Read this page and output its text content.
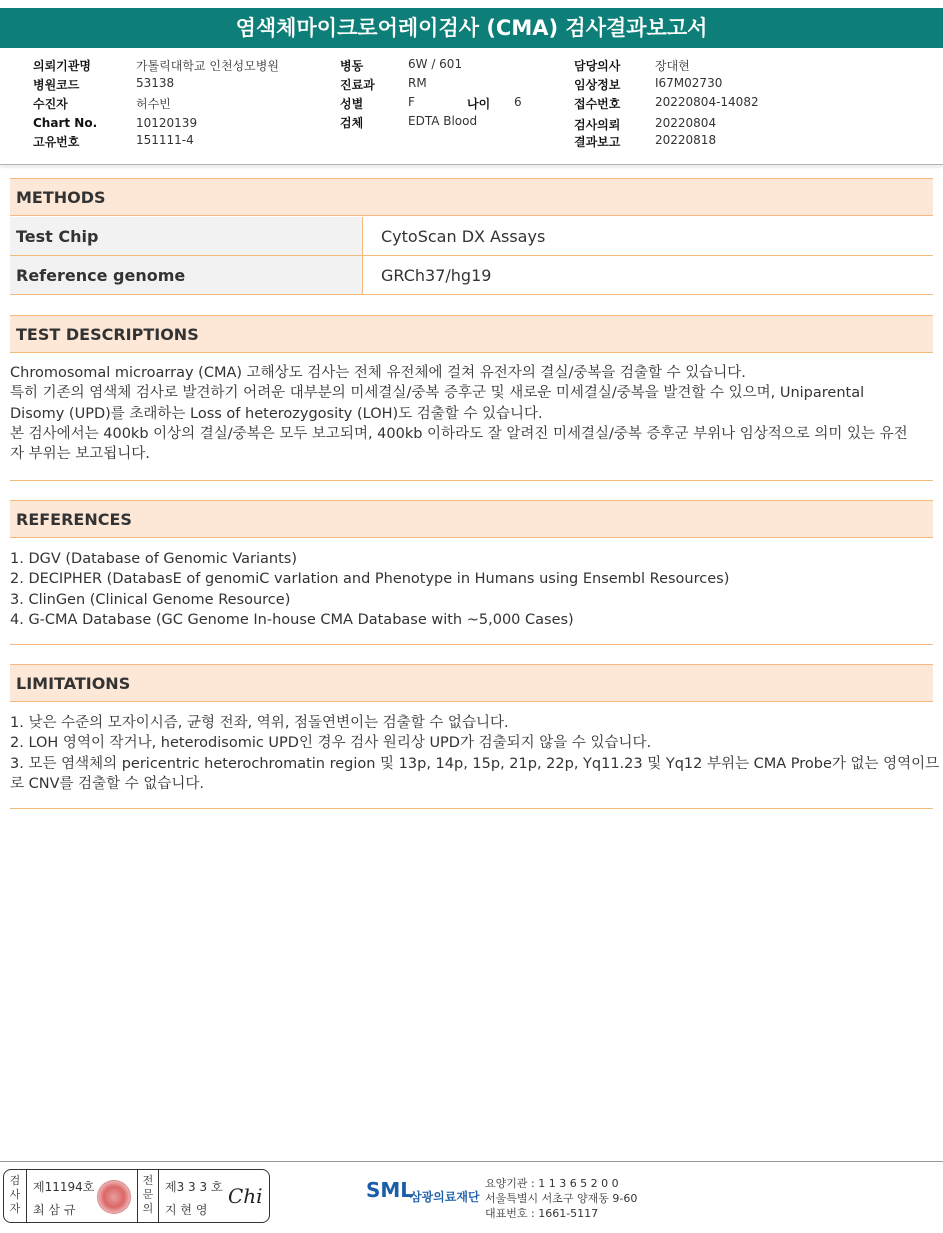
염색체마이크로어레이검사 (CMA) 검사결과보고서
의뢰기관명	가톨릭대학교 인천성모병원
병원코드	53138
수진자	허수빈
Chart No.	10120139
고유번호	151111-4
병동	6W / 601
진료과	RM
성별	F	나이 6
검체	EDTA Blood
담당의사	장대현
임상정보	I67M02730
접수번호	20220804-14082
검사의뢰	20220804
결과보고	20220818
METHODS
Test Chip	CytoScan DX Assays
Reference genome	GRCh37/hg19
TEST DESCRIPTIONS
Chromosomal microarray (CMA) 고해상도 검사는 전체 유전체에 걸쳐 유전자의 결실/중복을 검출할 수 있습니다.
특히 기존의 염색체 검사로 발견하기 어려운 대부분의 미세결실/중복 증후군 및 새로운 미세결실/중복을 발견할 수 있으며, Uniparental
Disomy (UPD)를 초래하는 Loss of heterozygosity (LOH)도 검출할 수 있습니다.
본 검사에서는 400kb 이상의 결실/중복은 모두 보고되며, 400kb 이하라도 잘 알려진 미세결실/중복 증후군 부위나 임상적으로 의미 있는 유전
자 부위는 보고됩니다.
REFERENCES
1. DGV (Database of Genomic Variants)
2. DECIPHER (DatabasE of genomiC varIation and Phenotype in Humans using Ensembl Resources)
3. ClinGen (Clinical Genome Resource)
4. G-CMA Database (GC Genome In-house CMA Database with ~5,000 Cases)
LIMITATIONS
1. 낮은 수준의 모자이시즘, 균형 전좌, 역위, 점돌연변이는 검출할 수 없습니다.
2. LOH 영역이 작거나, heterodisomic UPD인 경우 검사 원리상 UPD가 검출되지 않을 수 있습니다.
3. 모든 염색체의 pericentric heterochromatin region 및 13p, 14p, 15p, 21p, 22p, Yq11.23 및 Yq12 부위는 CMA Probe가 없는 영역이므
로 CNV를 검출할 수 없습니다.
검사자
제11194호
최 삼 규
전문의
제3 3 3 호
지 현 영
Chi	SML
삼광의료재단
요양기관 : 1 1 3 6 5 2 0 0
서울특별시 서초구 양재동 9-60
대표번호 : 1661-5117
